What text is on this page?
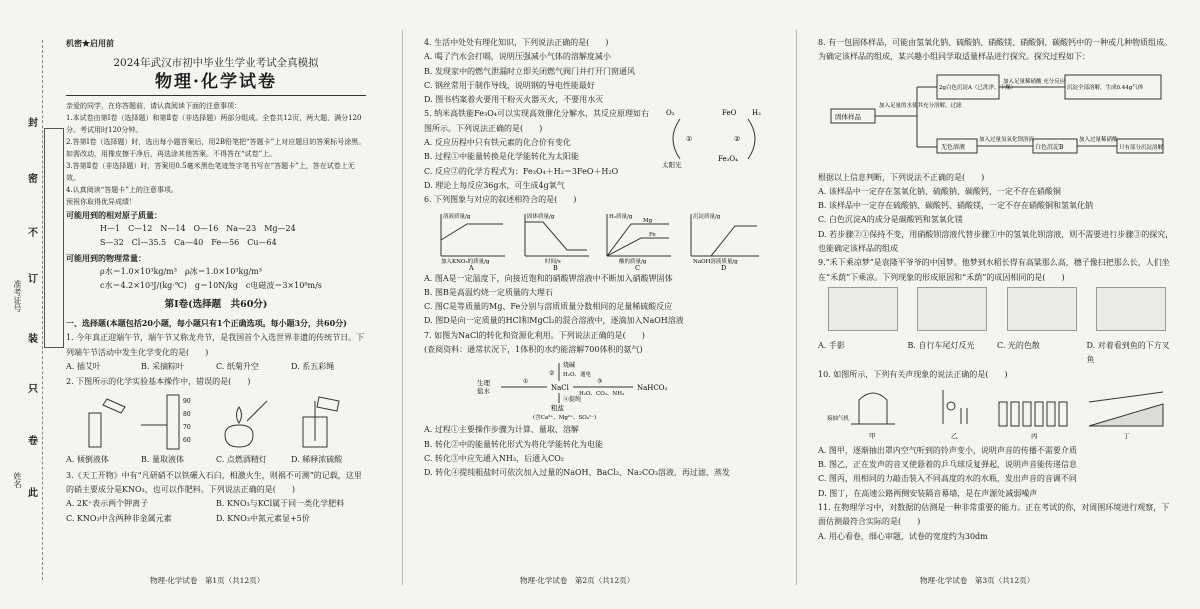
封
密
不
订
装
只
卷
此
准考证号
姓名
机密★启用前
2024年武汉市初中毕业生学业考试全真模拟
物理·化学试卷
亲爱的同学，在你答题前，请认真阅读下面的注意事项：
1.本试卷由第Ⅰ卷（选择题）和第Ⅱ卷（非选择题）两部分组成。全卷共12页，两大题，满分120分。考试用时120分钟。
2.答第Ⅰ卷（选择题）时，选出每小题答案后，用2B铅笔把“答题卡”上对应题目的答案标号涂黑。如需改动，用橡皮擦干净后，再选涂其他答案。不得答在“试卷”上。
3.答第Ⅱ卷（非选择题）时，答案用0.5毫米黑色笔迹签字笔书写在“答题卡”上，答在试卷上无效。
4.认真阅读“答题卡”上的注意事项。
预祝你取得优异成绩！
可能用到的相对原子质量：
H—1　C—12　N—14　O—16　Na—23　Mg—24
S—32　Cl—35.5　Ca—40　Fe—56　Cu—64
可能用到的物理常量：
ρ水＝1.0×10³kg/m³　ρ冰＝1.0×10³kg/m³
c水＝4.2×10³J/(kg·℃)　g＝10N/kg　c电磁波＝3×10⁸m/s
第Ⅰ卷(选择题　共60分)
一、选择题(本题包括20小题，每小题只有1个正确选项。每小题3分，共60分)
1. 今年真正迎端午节，端午节又称龙舟节，是我国首个入选世界非遗的传统节日。下列端午节活动中发生化学变化的是(　　)
A. 插艾叶	B. 采摘粽叶	C. 纸菊升空	D. 系五彩绳
2. 下图所示的化学实验基本操作中，错误的是(　　)
90
80
70
60
A. 倾倒液体	B. 量取液体	C. 点燃酒精灯	D. 稀释浓硫酸
3.《天工开物》中有“凡研硝不以铁碾入石臼，相激火生，则祸不可测”的记载，这里的硝主要成分是KNO₃，也可以作肥料。下列说法正确的是(　　)
A. 2K⁺表示两个钾离子	B. KNO₃与KCl属于同一类化学肥料
C. KNO₃中含两种非金属元素	D. KNO₃中氮元素显+5价
物理·化学试卷　第1页（共12页）
4. 生活中处处有理化知识，下列说法正确的是(　　)
A. 喝了汽水会打嗝，说明压强减小气体的溶解度减小
B. 发现家中的燃气泄漏时立即关闭燃气阀门并打开门窗通风
C. 钢丝常用于制作导线，说明钢的导电性能最好
D. 图书档案着火要用干粉灭火器灭火，不要用水灭
5. 纳米高铁能Fe₃O₄可以实现高效催化分解水，其反应原理如右图所示。下列说法正确的是(　　)
FeO H₂
O₂
太阳光
Fe₃O₄
①	②
A. 反应历程中只有铁元素的化合价有变化
B. 过程①中能量转换是化学能转化为太阳能
C. 反应②的化学方程式为：Fe₃O₄＋H₂＝3FeO＋H₂O
D. 理论上每反应36g水，可生成4g氧气
6. 下列图象与对应的叙述相符合的是(　　)
溶液质量/g
加入KNO₃的质量/g
A
固体质量/g
时间/s
B
H₂质量/g
Mg
Fe
酸的质量/g
C
沉淀质量/g
NaOH溶液质量/g
D
A. 图A是一定温度下，向接近饱和的硝酸钾溶液中不断加入硝酸钾固体
B. 图B是高温灼烧一定质量的大理石
C. 图C是等质量的Mg、Fe分别与溶质质量分数相同的足量稀硫酸反应
D. 图D是向一定质量的HCl和MgCl₂的混合溶液中，逐滴加入NaOH溶液
7. 如图为NaCl的转化和资源化利用。下列说法正确的是(　　)
(查阅资料：通常状况下，1体积的水约能溶解700体积的氨气)
生理
盐水
①
NaCl
H₂O、CO₂、NH₃
③
NaHCO₃
烧碱
H₂O、通电
②
④提纯
粗盐
(含Ca²⁺、Mg²⁺、SO₄²⁻)
A. 过程①主要操作步骤为计算、量取、溶解
B. 转化②中的能量转化形式为将化学能转化为电能
C. 转化③中应先通入NH₃，后通入CO₂
D. 转化④提纯粗盐时可依次加入过量的NaOH、BaCl₂、Na₂CO₃溶液，再过滤、蒸发
物理·化学试卷　第2页（共12页）
8. 有一包固体样品，可能由氢氧化钠、硫酸钠、硝酸镁、硝酸铜、碳酸钙中的一种或几种物质组成。为确定该样品的组成，某兴趣小组同学取适量样品进行探究。探究过程如下：
固体样品
加入足量的水使其充分溶解，过滤
2g白色沉淀A（已洗净、干燥）
加入足量稀硝酸 充分反应
沉淀全部溶解，生成0.44g气体
无色溶液
加入过量氢氧化钡溶液
白色沉淀B
加入过量稀硝酸
只有部分沉淀溶解
根据以上信息判断，下列说法不正确的是(　　)
A. 该样品中一定存在氢氧化钠、硫酸钠、碳酸钙，一定不存在硝酸铜
B. 该样品中一定存在硫酸钠、碳酸钙、硝酸镁，一定不存在硝酸铜和氢氧化钠
C. 白色沉淀A的成分是碳酸钙和氢氧化镁
D. 若步骤②①保持不变，用硝酸钡溶液代替步骤①中的氢氧化钡溶液，则不需要进行步骤③的探究，也能确定该样品的组成
9.“禾下乘凉梦”是袁隆平爷爷的中国梦。他梦到水稻长得有高粱那么高，穗子像扫把那么长，人们坐在“禾荫”下乘凉。下列现象的形成原因和“禾荫”的成因相同的是(　　)
A. 手影	B. 自行车尾灯反光	C. 光的色散	D. 对着看到鱼的下方叉鱼
10. 如图所示，下列有关声现象的说法正确的是(　　)
接抽气机
甲	乙	丙	丁
A. 图甲，逐渐抽出罩内空气听到的铃声变小，说明声音的传播不需要介质
B. 图乙，正在发声的音叉使悬着的乒乓球反复弹起，说明声音能传递信息
C. 图丙，用相同的力敲击装入不同高度的水的水瓶，发出声音的音调不同
D. 图丁，在高速公路两侧安装隔音幕墙，是在声源处减弱噪声
11. 在物理学习中，对数据的估测是一种非常重要的能力。正在考试的你，对周围环境进行观察，下面估测最符合实际的是(　　)
A. 用心看卷，细心审题，试卷的宽度约为30dm
物理·化学试卷　第3页（共12页）
